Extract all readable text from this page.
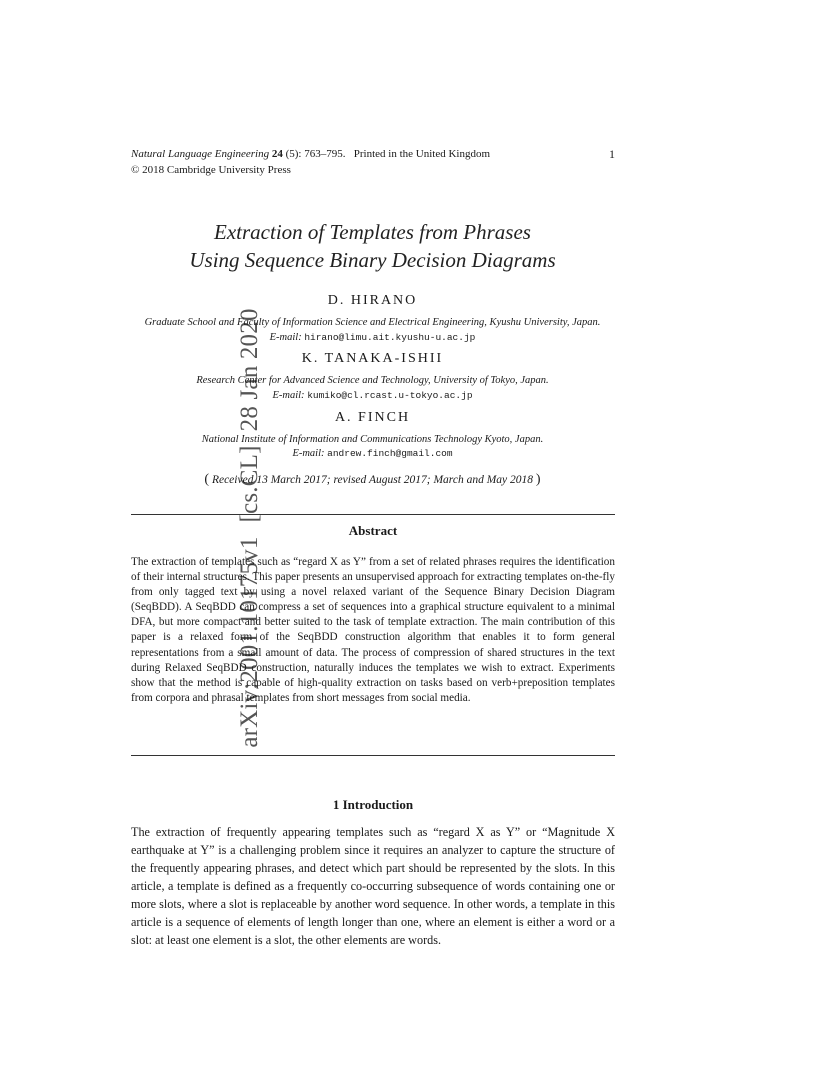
arXiv:2001.10175v1
[cs.CL]
28 Jan 2020
Natural Language Engineering 24 (5): 763–795. Printed in the United Kingdom
© 2018 Cambridge University Press
1
Extraction of Templates from Phrases
Using Sequence Binary Decision Diagrams
D. HIRANO
Graduate School and Faculty of Information Science and Electrical Engineering, Kyushu University, Japan.
E-mail: hirano@limu.ait.kyushu-u.ac.jp
K. TANAKA-ISHII
Research Center for Advanced Science and Technology, University of Tokyo, Japan.
E-mail: kumiko@cl.rcast.u-tokyo.ac.jp
A. FINCH
National Institute of Information and Communications Technology Kyoto, Japan.
E-mail: andrew.finch@gmail.com
( Received 13 March 2017; revised August 2017; March and May 2018 )
Abstract
The extraction of templates such as “regard X as Y” from a set of related phrases requires the identification of their internal structures. This paper presents an unsupervised approach for extracting templates on-the-fly from only tagged text by using a novel relaxed variant of the Sequence Binary Decision Diagram (SeqBDD). A SeqBDD can compress a set of sequences into a graphical structure equivalent to a minimal DFA, but more compact and better suited to the task of template extraction. The main contribution of this paper is a relaxed form of the SeqBDD construction algorithm that enables it to form general representations from a small amount of data. The process of compression of shared structures in the text during Relaxed SeqBDD construction, naturally induces the templates we wish to extract. Experiments show that the method is capable of high-quality extraction on tasks based on verb+preposition templates from corpora and phrasal templates from short messages from social media.
1 Introduction
The extraction of frequently appearing templates such as “regard X as Y” or “Magnitude X earthquake at Y” is a challenging problem since it requires an analyzer to capture the structure of the frequently appearing phrases, and detect which part should be represented by the slots. In this article, a template is defined as a frequently co-occurring subsequence of words containing one or more slots, where a slot is replaceable by another word sequence. In other words, a template in this article is a sequence of elements of length longer than one, where an element is either a word or a slot: at least one element is a slot, the other elements are words.
